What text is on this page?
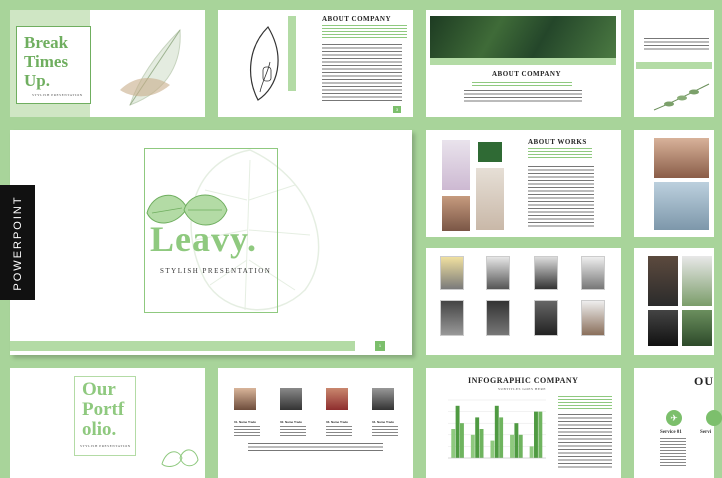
Break
Times
Up.
STYLISH PRESENTATION
ABOUT COMPANY
3
ABOUT COMPANY
Leavy.
STYLISH PRESENTATION
1
POWERPOINT
ABOUT WORKS
Our
Portf
olio.
STYLISH PRESENTATION
01. Name Trade	02. Name Trade	03. Name Trade	04. Name Trade
INFOGRAPHIC COMPANY
SUBTITLES GOES HERE
OU
✈
Service 01	Servi
